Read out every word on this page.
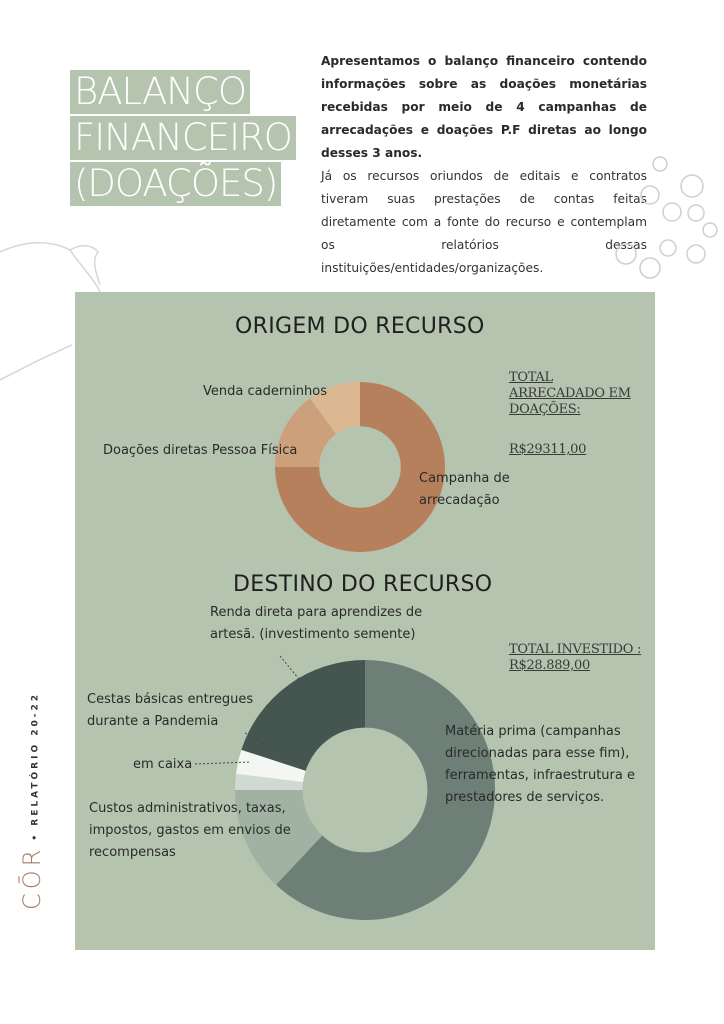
BALANÇO
FINANCEIRO
(DOAÇÕES)

Apresentamos o balanço financeiro contendo informações sobre as doações monetárias recebidas por meio de 4 campanhas de arrecadações e doações P.F diretas ao longo desses 3 anos.

Já os recursos oriundos de editais e contratos tiveram suas prestações de contas feitas diretamente com a fonte do recurso e contemplam os relatórios dessas instituições/entidades/organizações.

ORIGEM DO RECURSO
DESTINO DO RECURSO
Venda caderninhos
Doações diretas Pessoa Física
Campanha de arrecadação
TOTAL ARRECADADO EM DOAÇÕES:
R$29311,00
Renda direta para aprendizes de artesã. (investimento semente)
Cestas básicas entregues durante a Pandemia
em caixa
Custos administrativos, taxas, impostos, gastos em envios de recompensas
Matéria prima (campanhas direcionadas para esse fim), ferramentas, infraestrutura e prestadores de serviços.
TOTAL INVESTIDO :
R$28.889,00
CŌR • RELATÓRIO 20-22
